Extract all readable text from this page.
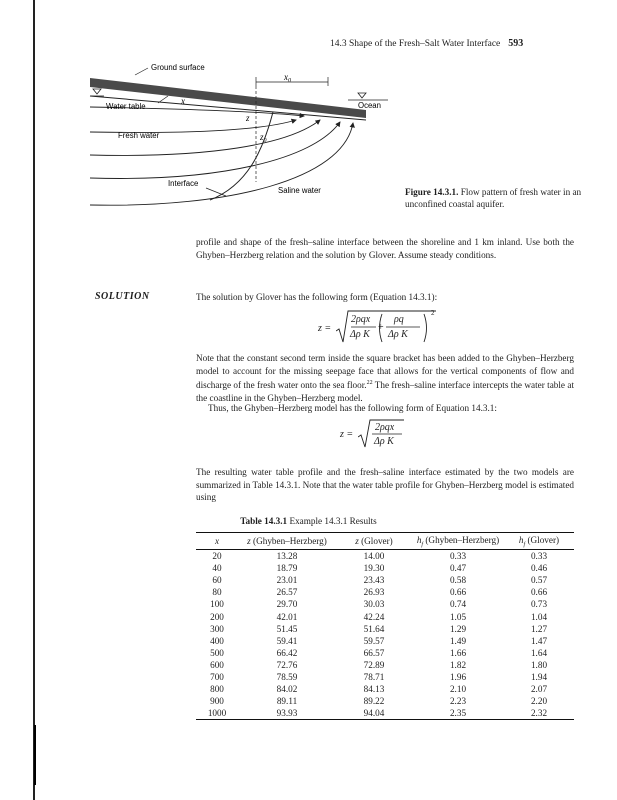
14.3 Shape of the Fresh–Salt Water Interface 593
Ground surface
Water table
x
$x_0$
z
$z_0$
Ocean
Fresh water
Interface
Saline water	Figure 14.3.1. Flow pattern of fresh water in an unconfined coastal aquifer.
profile and shape of the fresh–saline interface between the shoreline and 1 km inland. Use both the Ghyben–Herzberg relation and the solution by Glover. Assume steady conditions.
SOLUTION	The solution by Glover has the following form (Equation 14.3.1):
z =
2ρqx
Δρ K
+
ρq
Δρ K
2
Note that the constant second term inside the square bracket has been added to the Ghyben–Herzberg model to account for the missing seepage face that allows for the vertical components of flow and discharge of the fresh water onto the sea floor.$^{22}$ The fresh–saline interface intercepts the water table at the coastline in the Ghyben–Herzberg model.
Thus, the Ghyben–Herzberg model has the following form of Equation 14.3.1:
z =
2ρqx
Δρ K
The resulting water table profile and the fresh–saline interface estimated by the two models are summarized in Table 14.3.1. Note that the water table profile for Ghyben–Herzberg model is estimated using
Table 14.3.1 Example 14.3.1 Results
x	z (Ghyben–Herzberg)	z (Glover)	$h_f$ (Ghyben–Herzberg)	$h_f$ (Glover)
20	13.28	14.00	0.33	0.33
40	18.79	19.30	0.47	0.46
60	23.01	23.43	0.58	0.57
80	26.57	26.93	0.66	0.66
100	29.70	30.03	0.74	0.73
200	42.01	42.24	1.05	1.04
300	51.45	51.64	1.29	1.27
400	59.41	59.57	1.49	1.47
500	66.42	66.57	1.66	1.64
600	72.76	72.89	1.82	1.80
700	78.59	78.71	1.96	1.94
800	84.02	84.13	2.10	2.07
900	89.11	89.22	2.23	2.20
1000	93.93	94.04	2.35	2.32
